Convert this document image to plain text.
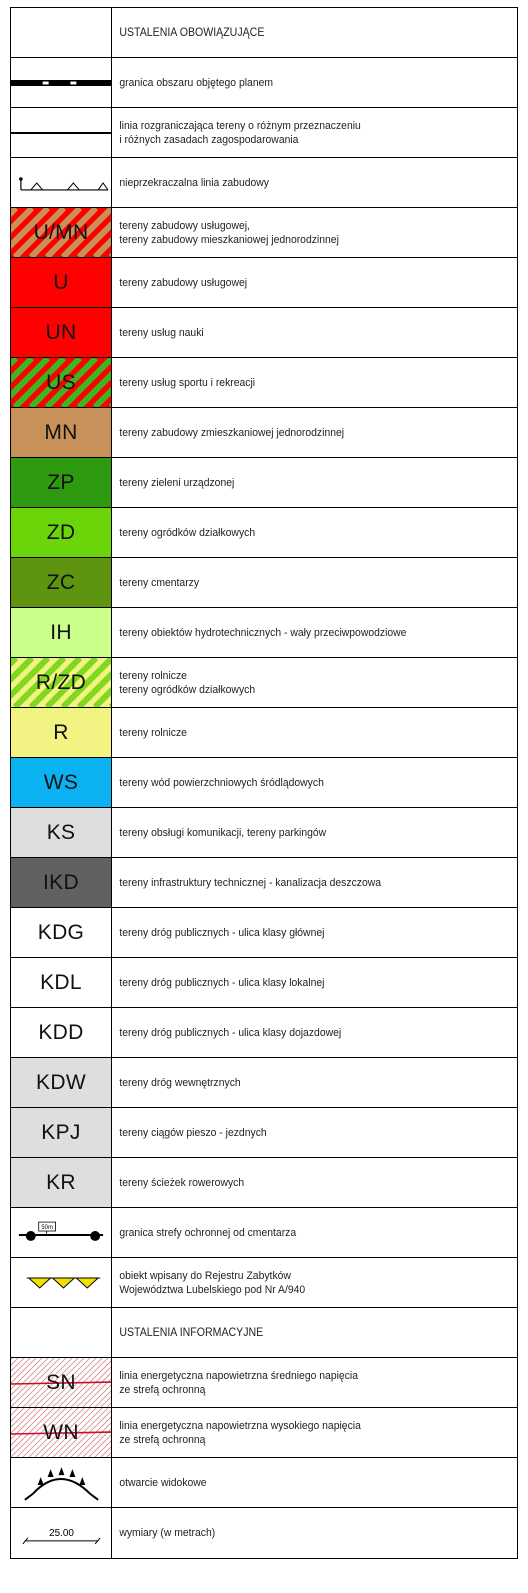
USTALENIA OBOWIĄZUJĄCE
granica obszaru objętego planem
linia rozgraniczająca tereny o różnym przeznaczeniu
i różnych zasadach zagospodarowania
nieprzekraczalna linia zabudowy
U/MN	tereny zabudowy usługowej,
tereny zabudowy mieszkaniowej jednorodzinnej
U	tereny zabudowy usługowej
UN	tereny usług nauki
US	tereny usług sportu i rekreacji
MN	tereny zabudowy zmieszkaniowej jednorodzinnej
ZP	tereny zieleni urządzonej
ZD	tereny ogródków działkowych
ZC	tereny cmentarzy
IH	tereny obiektów hydrotechnicznych - wały przeciwpowodziowe
R/ZD	tereny rolnicze
tereny ogródków działkowych
R	tereny rolnicze
WS	tereny wód powierzchniowych śródlądowych
KS	tereny obsługi komunikacji, tereny parkingów
IKD	tereny infrastruktury technicznej - kanalizacja deszczowa
KDG	tereny dróg publicznych - ulica klasy głównej
KDL	tereny dróg publicznych - ulica klasy lokalnej
KDD	tereny dróg publicznych - ulica klasy dojazdowej
KDW	tereny dróg wewnętrznych
KPJ	tereny ciągów pieszo - jezdnych
KR	tereny ścieżek rowerowych
50m	granica strefy ochronnej od cmentarza
obiekt wpisany do Rejestru Zabytków
Województwa Lubelskiego pod Nr A/940
USTALENIA INFORMACYJNE
SN	linia energetyczna napowietrzna średniego napięcia
ze strefą ochronną
WN	linia energetyczna napowietrzna wysokiego napięcia
ze strefą ochronną
otwarcie widokowe
25.00	wymiary (w metrach)
